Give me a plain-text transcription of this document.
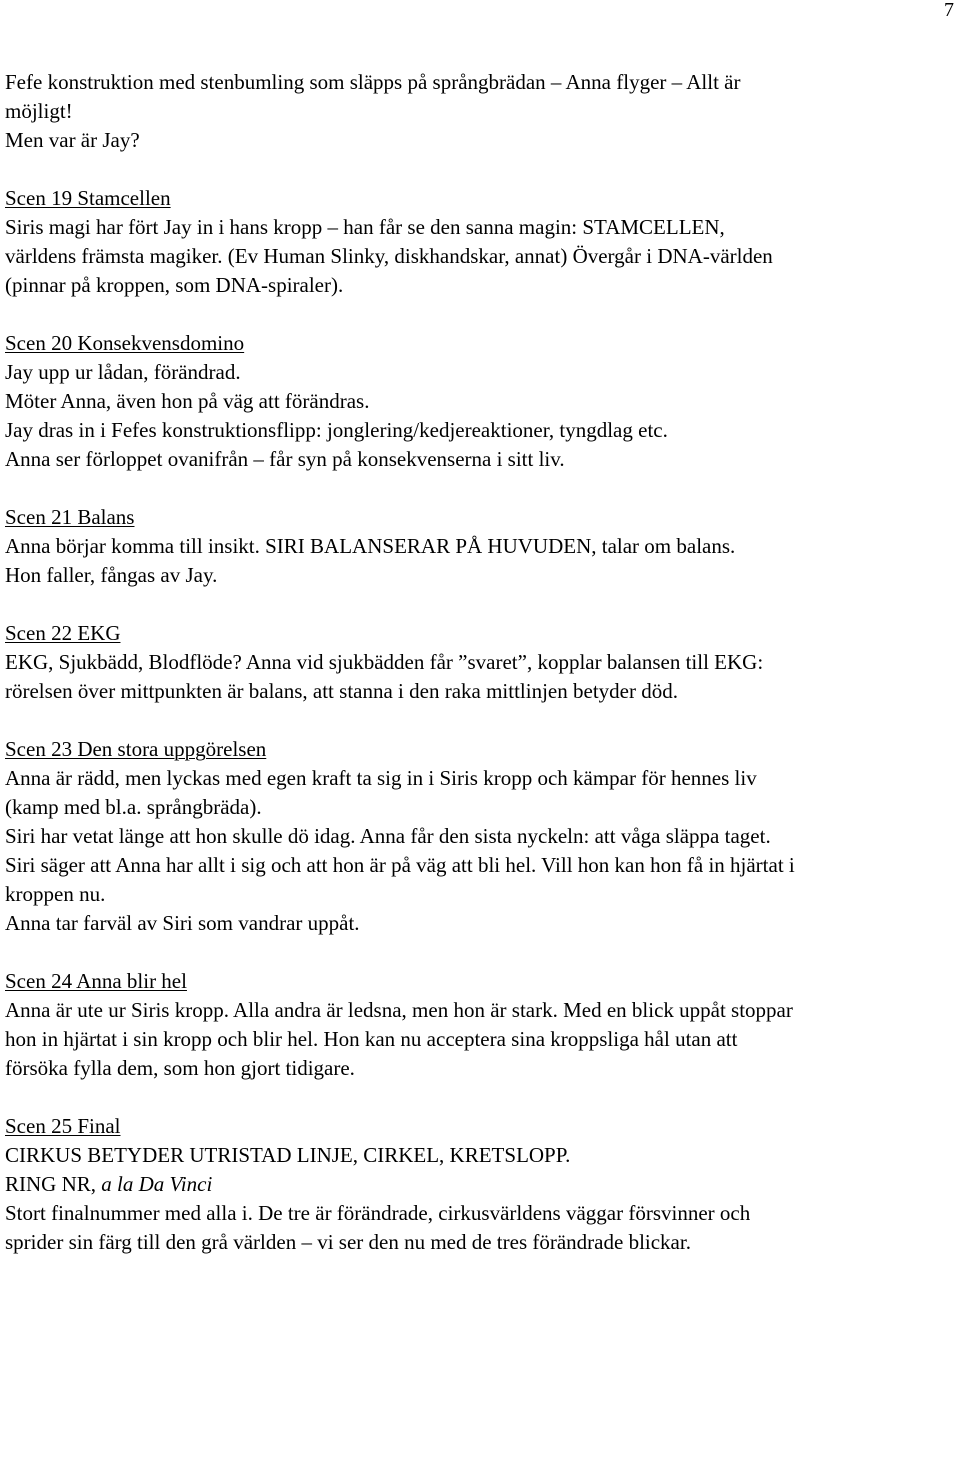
7

Fefe konstruktion med stenbumling som släpps på språngbrädan – Anna flyger – Allt är
möjligt!
Men var är Jay?

Scen 19 Stamcellen
Siris magi har fört Jay in i hans kropp – han får se den sanna magin: STAMCELLEN,
världens främsta magiker. (Ev Human Slinky, diskhandskar, annat) Övergår i DNA-världen
(pinnar på kroppen, som DNA-spiraler).

Scen 20 Konsekvensdomino
Jay upp ur lådan, förändrad.
Möter Anna, även hon på väg att förändras.
Jay dras in i Fefes konstruktionsflipp: jonglering/kedjereaktioner, tyngdlag etc.
Anna ser förloppet ovanifrån – får syn på konsekvenserna i sitt liv.

Scen 21 Balans
Anna börjar komma till insikt. SIRI BALANSERAR PÅ HUVUDEN, talar om balans.
Hon faller, fångas av Jay.

Scen 22 EKG
EKG, Sjukbädd, Blodflöde? Anna vid sjukbädden får ”svaret”, kopplar balansen till EKG:
rörelsen över mittpunkten är balans, att stanna i den raka mittlinjen betyder död.

Scen 23 Den stora uppgörelsen
Anna är rädd, men lyckas med egen kraft ta sig in i Siris kropp och kämpar för hennes liv
(kamp med bl.a. språngbräda).
Siri har vetat länge att hon skulle dö idag. Anna får den sista nyckeln: att våga släppa taget.
Siri säger att Anna har allt i sig och att hon är på väg att bli hel. Vill hon kan hon få in hjärtat i
kroppen nu.
Anna tar farväl av Siri som vandrar uppåt.

Scen 24 Anna blir hel
Anna är ute ur Siris kropp. Alla andra är ledsna, men hon är stark. Med en blick uppåt stoppar
hon in hjärtat i sin kropp och blir hel. Hon kan nu acceptera sina kroppsliga hål utan att
försöka fylla dem, som hon gjort tidigare.

Scen 25 Final
CIRKUS BETYDER UTRISTAD LINJE, CIRKEL, KRETSLOPP.
RING NR, a la Da Vinci
Stort finalnummer med alla i. De tre är förändrade, cirkusvärldens väggar försvinner och
sprider sin färg till den grå världen – vi ser den nu med de tres förändrade blickar.
